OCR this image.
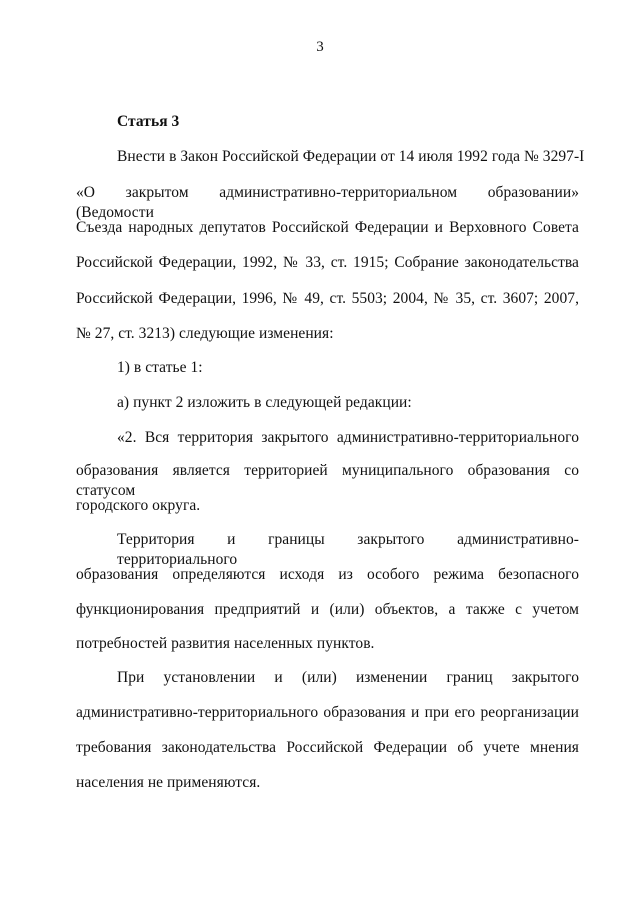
3
Статья 3
Внести в Закон Российской Федерации от 14 июля 1992 года № 3297-I
«О закрытом административно-территориальном образовании» (Ведомости
Съезда народных депутатов Российской Федерации и Верховного Совета
Российской Федерации, 1992, № 33, ст. 1915; Собрание законодательства
Российской Федерации, 1996, № 49, ст. 5503; 2004, № 35, ст. 3607; 2007,
№ 27, ст. 3213) следующие изменения:
1) в статье 1:
а) пункт 2 изложить в следующей редакции:
«2. Вся территория закрытого административно-территориального
образования является территорией муниципального образования со статусом
городского округа.
Территория и границы закрытого административно-территориального
образования определяются исходя из особого режима безопасного
функционирования предприятий и (или) объектов, а также с учетом
потребностей развития населенных пунктов.
При установлении и (или) изменении границ закрытого
административно-территориального образования и при его реорганизации
требования законодательства Российской Федерации об учете мнения
населения не применяются.
